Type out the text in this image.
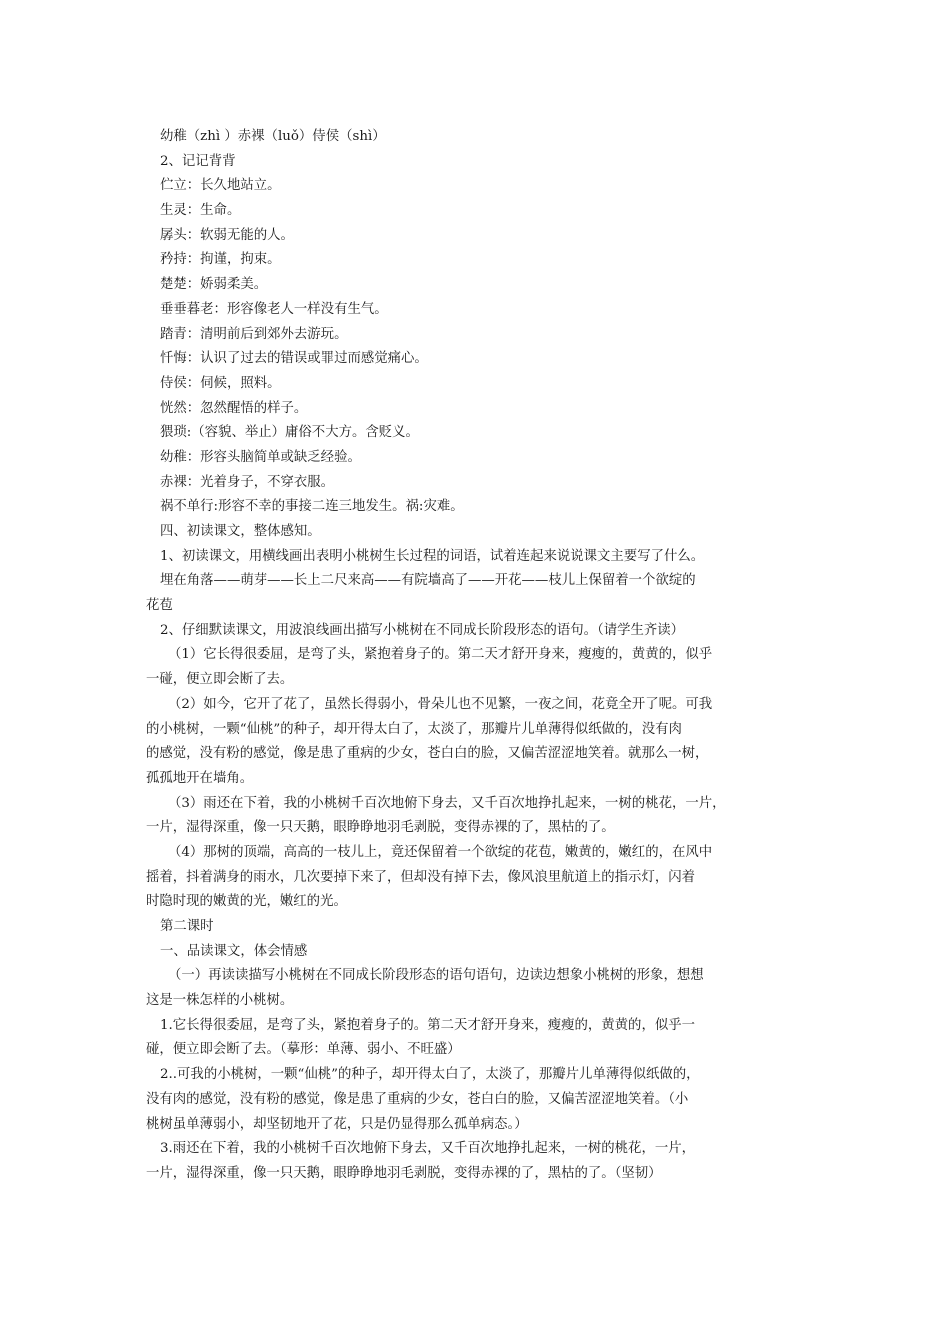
幼稚（zhì ）赤裸（luǒ）侍侯（shì）
2、记记背背
伫立：长久地站立。
生灵：生命。
孱头：软弱无能的人。
矜持：拘谨，拘束。
楚楚：娇弱柔美。
垂垂暮老：形容像老人一样没有生气。
踏青：清明前后到郊外去游玩。
忏悔：认识了过去的错误或罪过而感觉痛心。
侍侯：伺候，照料。
恍然：忽然醒悟的样子。
猥琐:（容貌、举止）庸俗不大方。含贬义。
幼稚：形容头脑简单或缺乏经验。
赤裸：光着身子，不穿衣服。
祸不单行:形容不幸的事接二连三地发生。祸:灾难。
四、初读课文，整体感知。
1、初读课文，用横线画出表明小桃树生长过程的词语，试着连起来说说课文主要写了什么。
埋在角落——萌芽——长上二尺来高——有院墙高了——开花——枝儿上保留着一个欲绽的
花苞
2、仔细默读课文，用波浪线画出描写小桃树在不同成长阶段形态的语句。（请学生齐读）
（1）它长得很委屈，是弯了头，紧抱着身子的。第二天才舒开身来，瘦瘦的，黄黄的，似乎
一碰，便立即会断了去。
（2）如今，它开了花了，虽然长得弱小，骨朵儿也不见繁，一夜之间，花竟全开了呢。可我
的小桃树，一颗“仙桃”的种子，却开得太白了，太淡了，那瓣片儿单薄得似纸做的，没有肉
的感觉，没有粉的感觉，像是患了重病的少女，苍白白的脸，又偏苦涩涩地笑着。就那么一树，
孤孤地开在墙角。
（3）雨还在下着，我的小桃树千百次地俯下身去，又千百次地挣扎起来，一树的桃花，一片，
一片，湿得深重，像一只天鹅，眼睁睁地羽毛剥脱，变得赤裸的了，黑枯的了。
（4）那树的顶端，高高的一枝儿上，竟还保留着一个欲绽的花苞，嫩黄的，嫩红的，在风中
摇着，抖着满身的雨水，几次要掉下来了，但却没有掉下去，像风浪里航道上的指示灯，闪着
时隐时现的嫩黄的光，嫩红的光。
第二课时
一、品读课文，体会情感
（一）再读读描写小桃树在不同成长阶段形态的语句语句，边读边想象小桃树的形象，想想
这是一株怎样的小桃树。
1.它长得很委屈，是弯了头，紧抱着身子的。第二天才舒开身来，瘦瘦的，黄黄的，似乎一
碰，便立即会断了去。（摹形：单薄、弱小、不旺盛）
2..可我的小桃树，一颗“仙桃”的种子，却开得太白了，太淡了，那瓣片儿单薄得似纸做的，
没有肉的感觉，没有粉的感觉，像是患了重病的少女，苍白白的脸，又偏苦涩涩地笑着。（小
桃树虽单薄弱小，却坚韧地开了花，只是仍显得那么孤单病态。）
3.雨还在下着，我的小桃树千百次地俯下身去，又千百次地挣扎起来，一树的桃花，一片，
一片，湿得深重，像一只天鹅，眼睁睁地羽毛剥脱，变得赤裸的了，黑枯的了。（坚韧）
